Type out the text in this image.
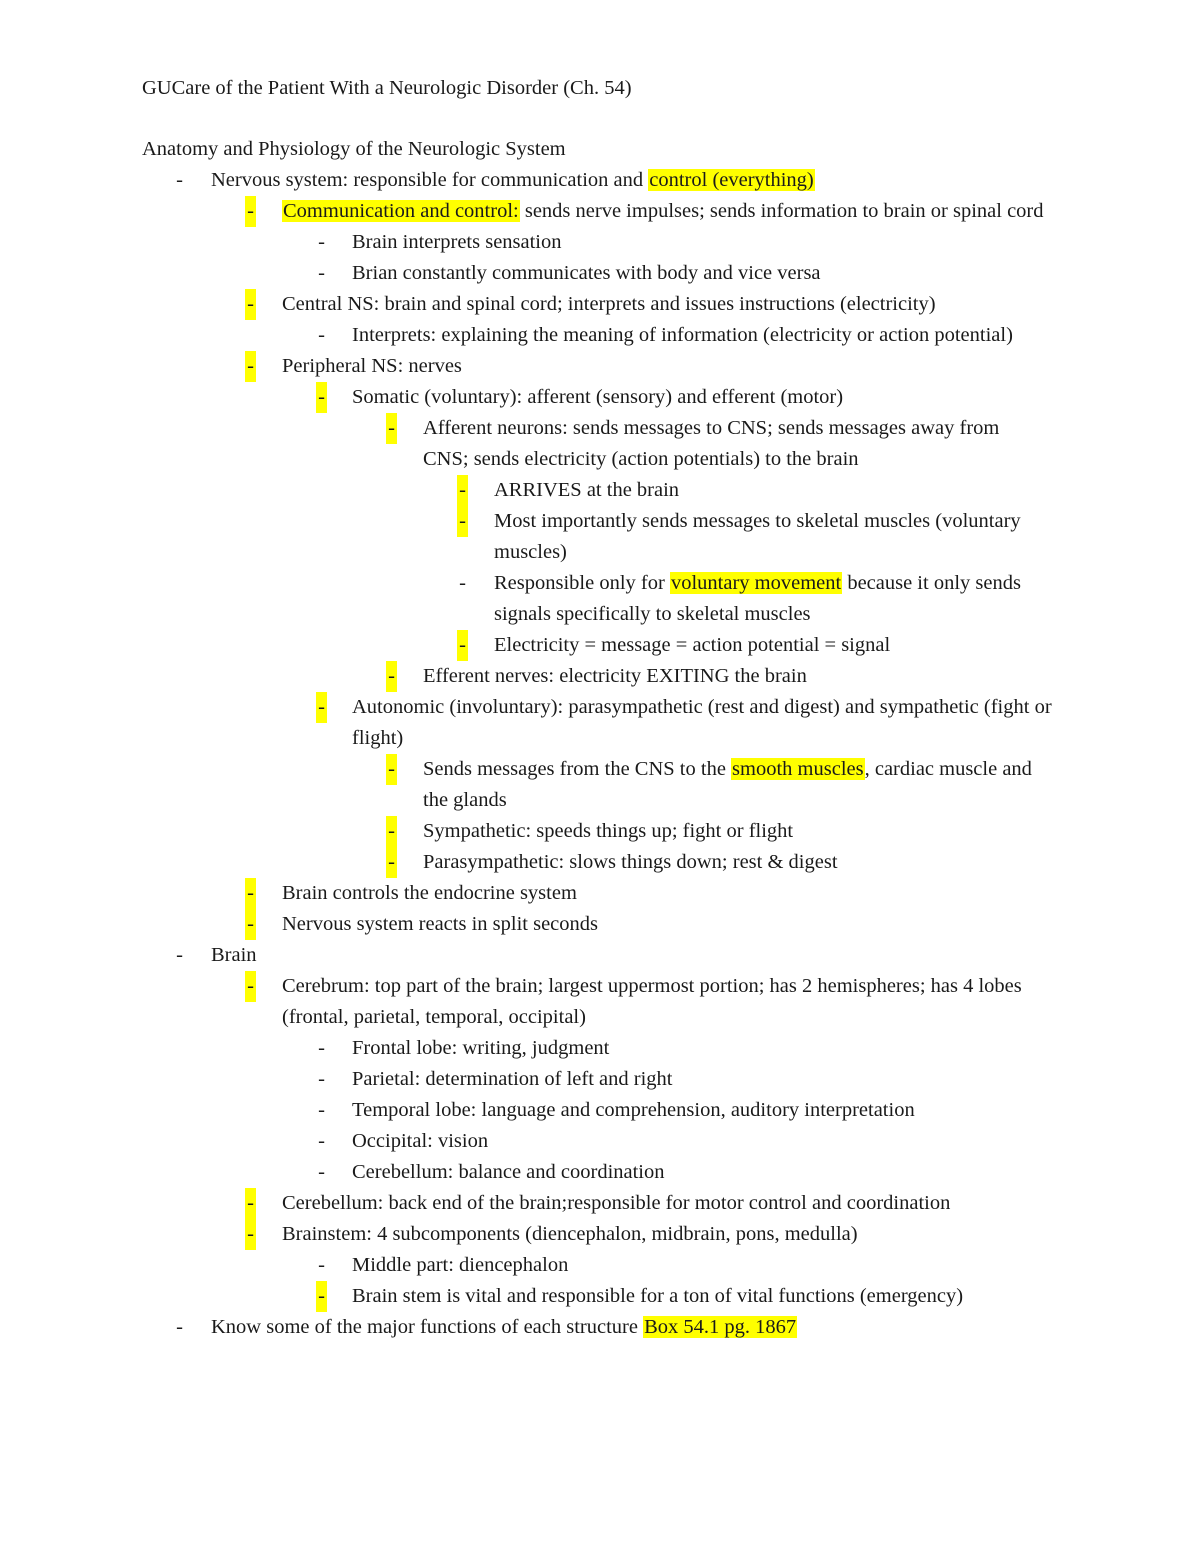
GUCare of the Patient With a Neurologic Disorder (Ch. 54)
Anatomy and Physiology of the Neurologic System
- Nervous system: responsible for communication and control (everything)
- Communication and control: sends nerve impulses; sends information to brain or spinal cord
- Brain interprets sensation
- Brian constantly communicates with body and vice versa
- Central NS: brain and spinal cord; interprets and issues instructions (electricity)
- Interprets: explaining the meaning of information (electricity or action potential)
- Peripheral NS: nerves
- Somatic (voluntary): afferent (sensory) and efferent (motor)
- Afferent neurons: sends messages to CNS; sends messages away from CNS; sends electricity (action potentials) to the brain
- ARRIVES at the brain
- Most importantly sends messages to skeletal muscles (voluntary muscles)
- Responsible only for voluntary movement because it only sends signals specifically to skeletal muscles
- Electricity = message = action potential = signal
- Efferent nerves: electricity EXITING the brain
- Autonomic (involuntary): parasympathetic (rest and digest) and sympathetic (fight or flight)
- Sends messages from the CNS to the smooth muscles, cardiac muscle and the glands
- Sympathetic: speeds things up; fight or flight
- Parasympathetic: slows things down; rest & digest
- Brain controls the endocrine system
- Nervous system reacts in split seconds
- Brain
- Cerebrum: top part of the brain; largest uppermost portion; has 2 hemispheres; has 4 lobes (frontal, parietal, temporal, occipital)
- Frontal lobe: writing, judgment
- Parietal: determination of left and right
- Temporal lobe: language and comprehension, auditory interpretation
- Occipital: vision
- Cerebellum: balance and coordination
- Cerebellum: back end of the brain;responsible for motor control and coordination
- Brainstem: 4 subcomponents (diencephalon, midbrain, pons, medulla)
- Middle part: diencephalon
- Brain stem is vital and responsible for a ton of vital functions (emergency)
- Know some of the major functions of each structure Box 54.1 pg. 1867
